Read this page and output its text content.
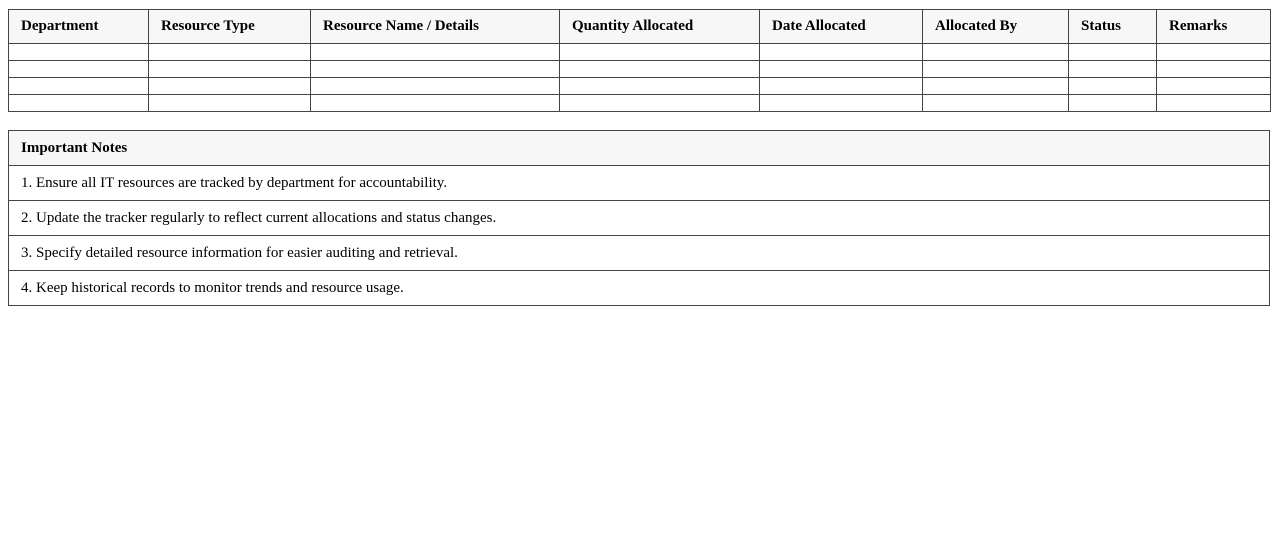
Department	Resource Type	Resource Name / Details	Quantity Allocated	Date Allocated	Allocated By	Status	Remarks

Important Notes
1. Ensure all IT resources are tracked by department for accountability.
2. Update the tracker regularly to reflect current allocations and status changes.
3. Specify detailed resource information for easier auditing and retrieval.
4. Keep historical records to monitor trends and resource usage.
